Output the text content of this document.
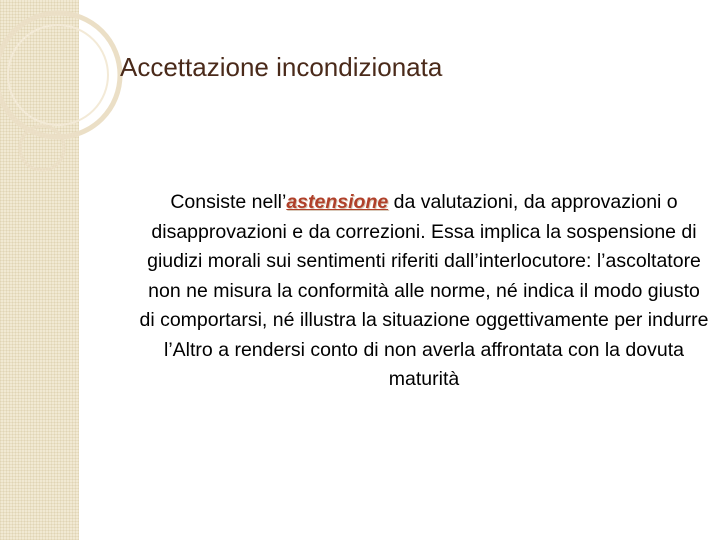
Accettazione incondizionata
Consiste nell’astensione da valutazioni, da approvazioni o disapprovazioni e da correzioni. Essa implica la sospensione di giudizi morali sui sentimenti riferiti dall’interlocutore: l’ascoltatore non ne misura la conformità alle norme, né indica il modo giusto di comportarsi, né illustra la situazione oggettivamente per indurre l’Altro a rendersi conto di non averla affrontata con la dovuta maturità
